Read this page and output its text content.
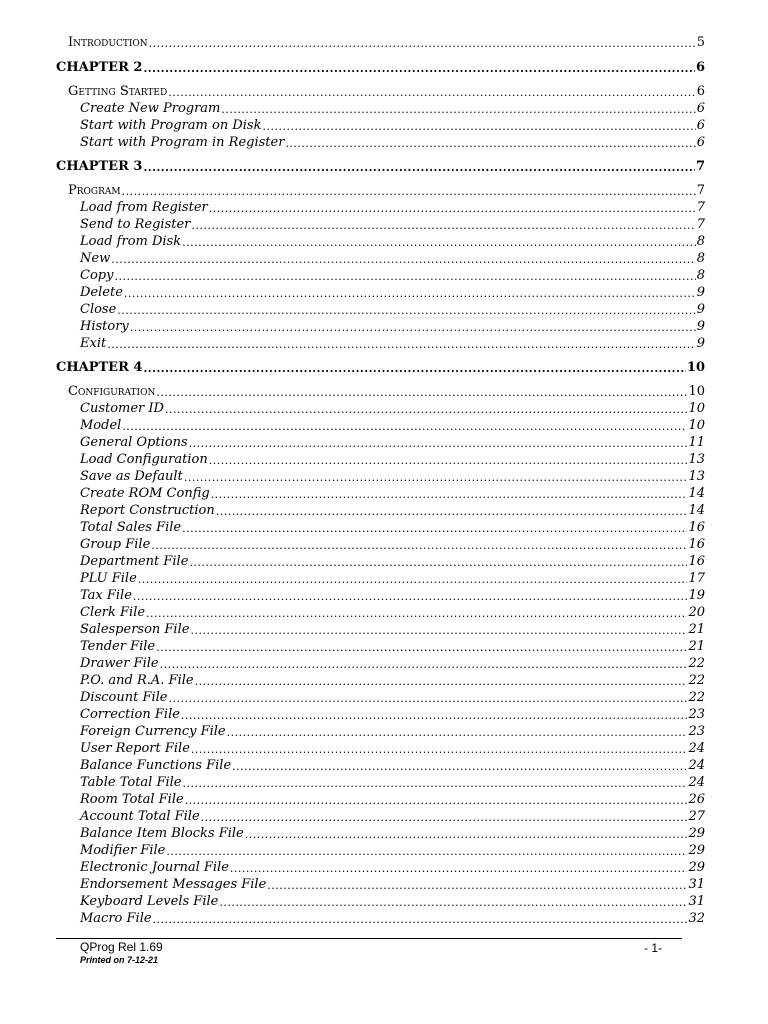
Introduction .....	5
CHAPTER 2 .....	6
Getting Started .....	6
Create New Program .....	6
Start with Program on Disk .....	6
Start with Program in Register .....	6
CHAPTER 3 .....	7
Program .....	7
Load from Register .....	7
Send to Register .....	7
Load from Disk .....	8
New .....	8
Copy .....	8
Delete .....	9
Close .....	9
History .....	9
Exit .....	9
CHAPTER 4 .....	10
Configuration .....	10
Customer ID .....	10
Model .....	10
General Options .....	11
Load Configuration .....	13
Save as Default .....	13
Create ROM Config .....	14
Report Construction .....	14
Total Sales File .....	16
Group File .....	16
Department File .....	16
PLU File .....	17
Tax File .....	19
Clerk File .....	20
Salesperson File .....	21
Tender File .....	21
Drawer File .....	22
P.O. and R.A. File .....	22
Discount File .....	22
Correction File .....	23
Foreign Currency File .....	23
User Report File .....	24
Balance Functions File .....	24
Table Total File .....	24
Room Total File .....	26
Account Total File .....	27
Balance Item Blocks File .....	29
Modifier File .....	29
Electronic Journal File .....	29
Endorsement Messages File .....	31
Keyboard Levels File .....	31
Macro File .....	32
QProg Rel 1.69
Printed on 7-12-21
- 1-
